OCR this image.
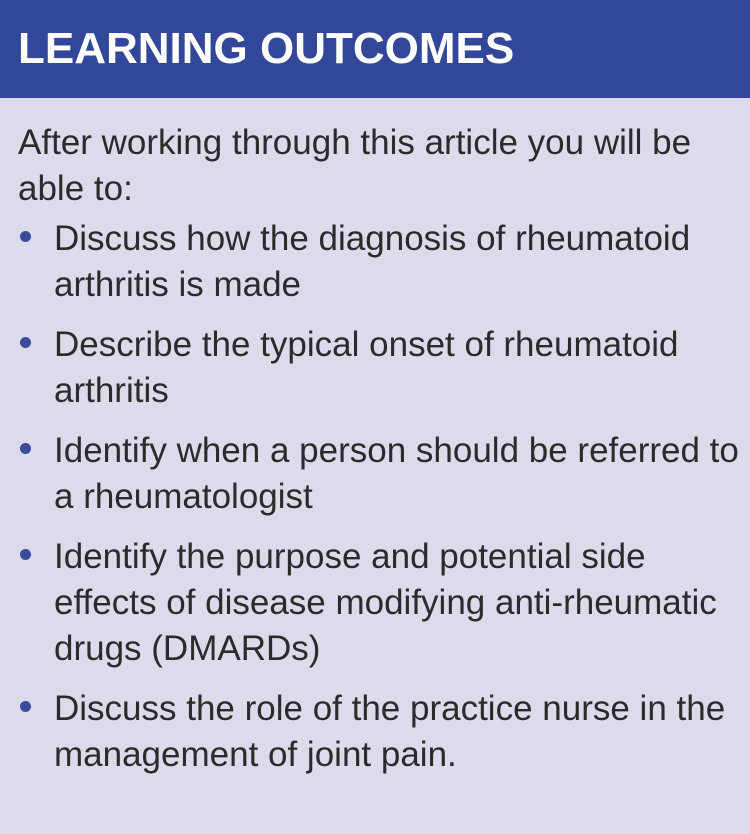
LEARNING OUTCOMES

After working through this article you will be able to:

Discuss how the diagnosis of rheumatoid arthritis is made
Describe the typical onset of rheumatoid arthritis
Identify when a person should be referred to a rheumatologist
Identify the purpose and potential side effects of disease modifying anti-rheumatic drugs (DMARDs)
Discuss the role of the practice nurse in the management of joint pain.
